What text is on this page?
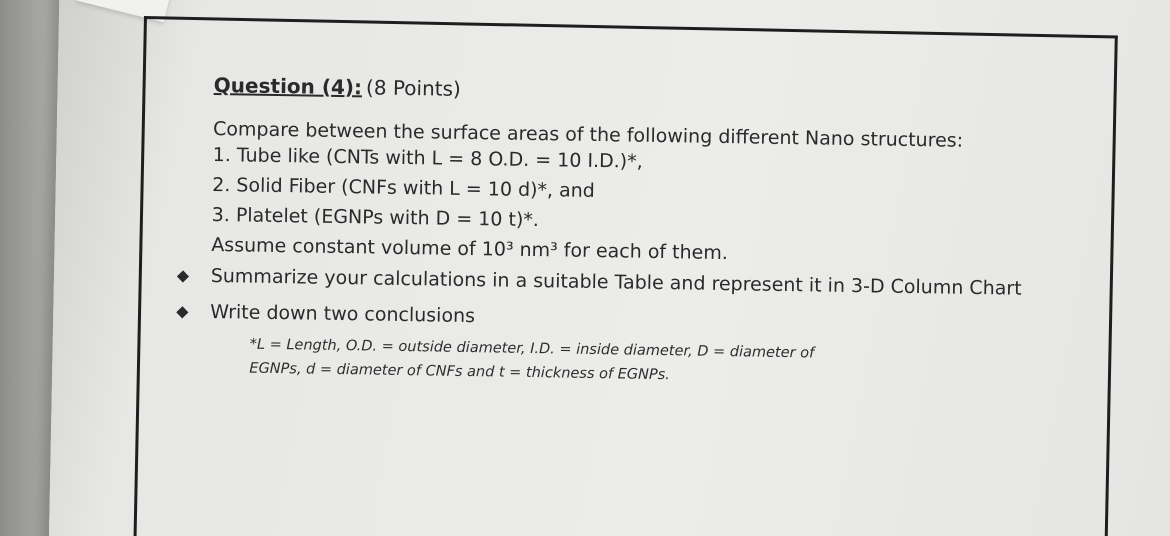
Question (4): (8 Points)

Compare between the surface areas of the following different Nano structures:

1. Tube like (CNTs with L = 8 O.D. = 10 I.D.)*,

2. Solid Fiber (CNFs with L = 10 d)*, and

3. Platelet (EGNPs with D = 10 t)*.

Assume constant volume of 10³ nm³ for each of them.

◆ Summarize your calculations in a suitable Table and represent it in 3-D Column Chart
◆ Write down two conclusions
*L = Length, O.D. = outside diameter, I.D. = inside diameter, D = diameter of
EGNPs, d = diameter of CNFs and t = thickness of EGNPs.
